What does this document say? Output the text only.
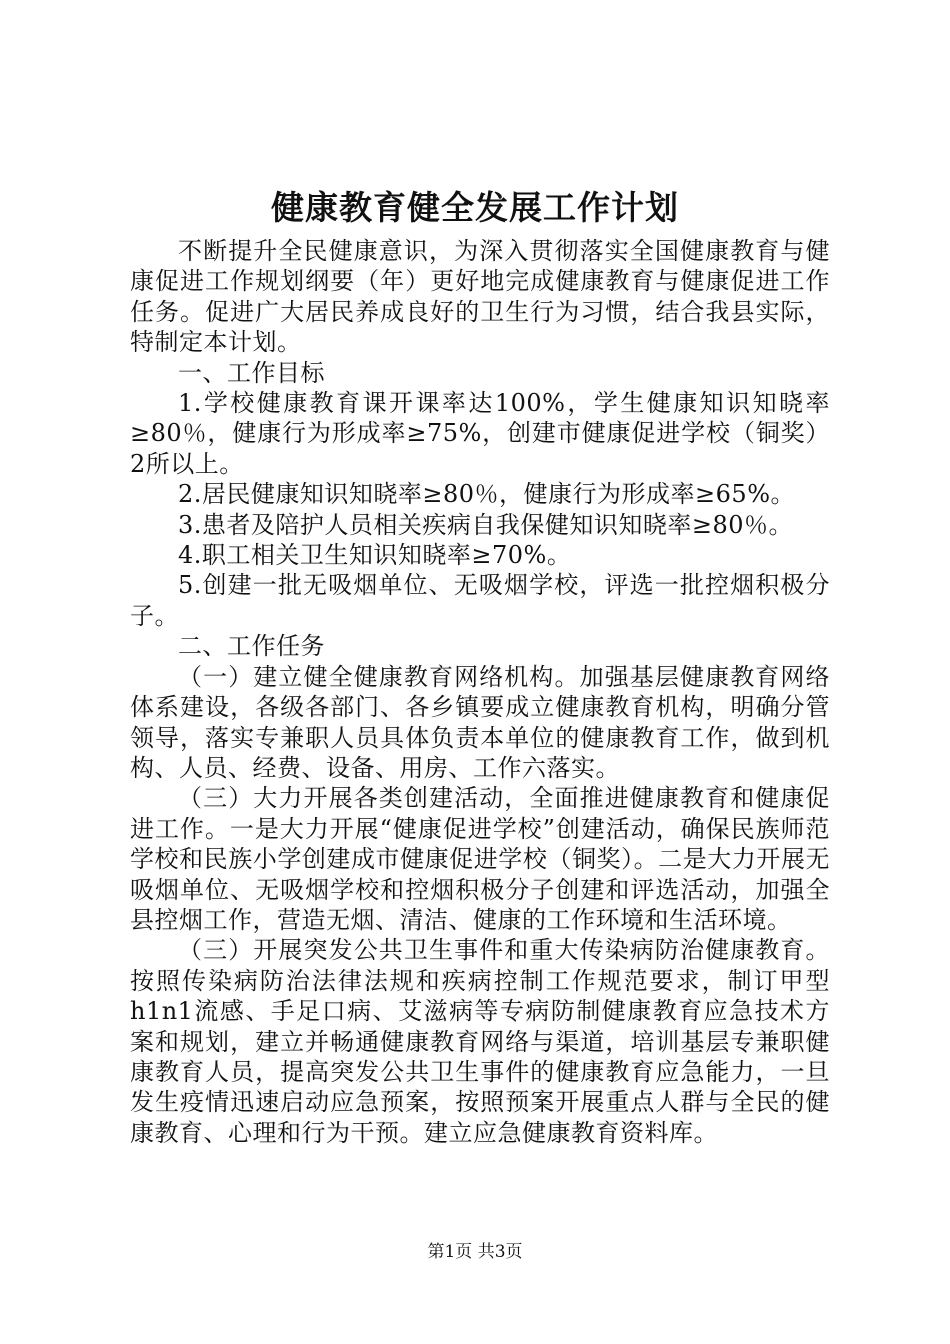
健康教育健全发展工作计划

不断提升全民健康意识，为深入贯彻落实全国健康教育与健康促进工作规划纲要（年）更好地完成健康教育与健康促进工作任务。促进广大居民养成良好的卫生行为习惯，结合我县实际，特制定本计划。

一、工作目标

1.学校健康教育课开课率达100%，学生健康知识知晓率≥80％，健康行为形成率≥75%，创建市健康促进学校（铜奖）2所以上。

2.居民健康知识知晓率≥80％，健康行为形成率≥65%。

3.患者及陪护人员相关疾病自我保健知识知晓率≥80％。

4.职工相关卫生知识知晓率≥70%。

5.创建一批无吸烟单位、无吸烟学校，评选一批控烟积极分子。

二、工作任务

（一）建立健全健康教育网络机构。加强基层健康教育网络体系建设，各级各部门、各乡镇要成立健康教育机构，明确分管领导，落实专兼职人员具体负责本单位的健康教育工作，做到机构、人员、经费、设备、用房、工作六落实。

（三）大力开展各类创建活动，全面推进健康教育和健康促进工作。一是大力开展“健康促进学校”创建活动，确保民族师范学校和民族小学创建成市健康促进学校（铜奖）。二是大力开展无吸烟单位、无吸烟学校和控烟积极分子创建和评选活动，加强全县控烟工作，营造无烟、清洁、健康的工作环境和生活环境。

（三）开展突发公共卫生事件和重大传染病防治健康教育。按照传染病防治法律法规和疾病控制工作规范要求，制订甲型h1n1流感、手足口病、艾滋病等专病防制健康教育应急技术方案和规划，建立并畅通健康教育网络与渠道，培训基层专兼职健康教育人员，提高突发公共卫生事件的健康教育应急能力，一旦发生疫情迅速启动应急预案，按照预案开展重点人群与全民的健康教育、心理和行为干预。建立应急健康教育资料库。

第1页 共3页
